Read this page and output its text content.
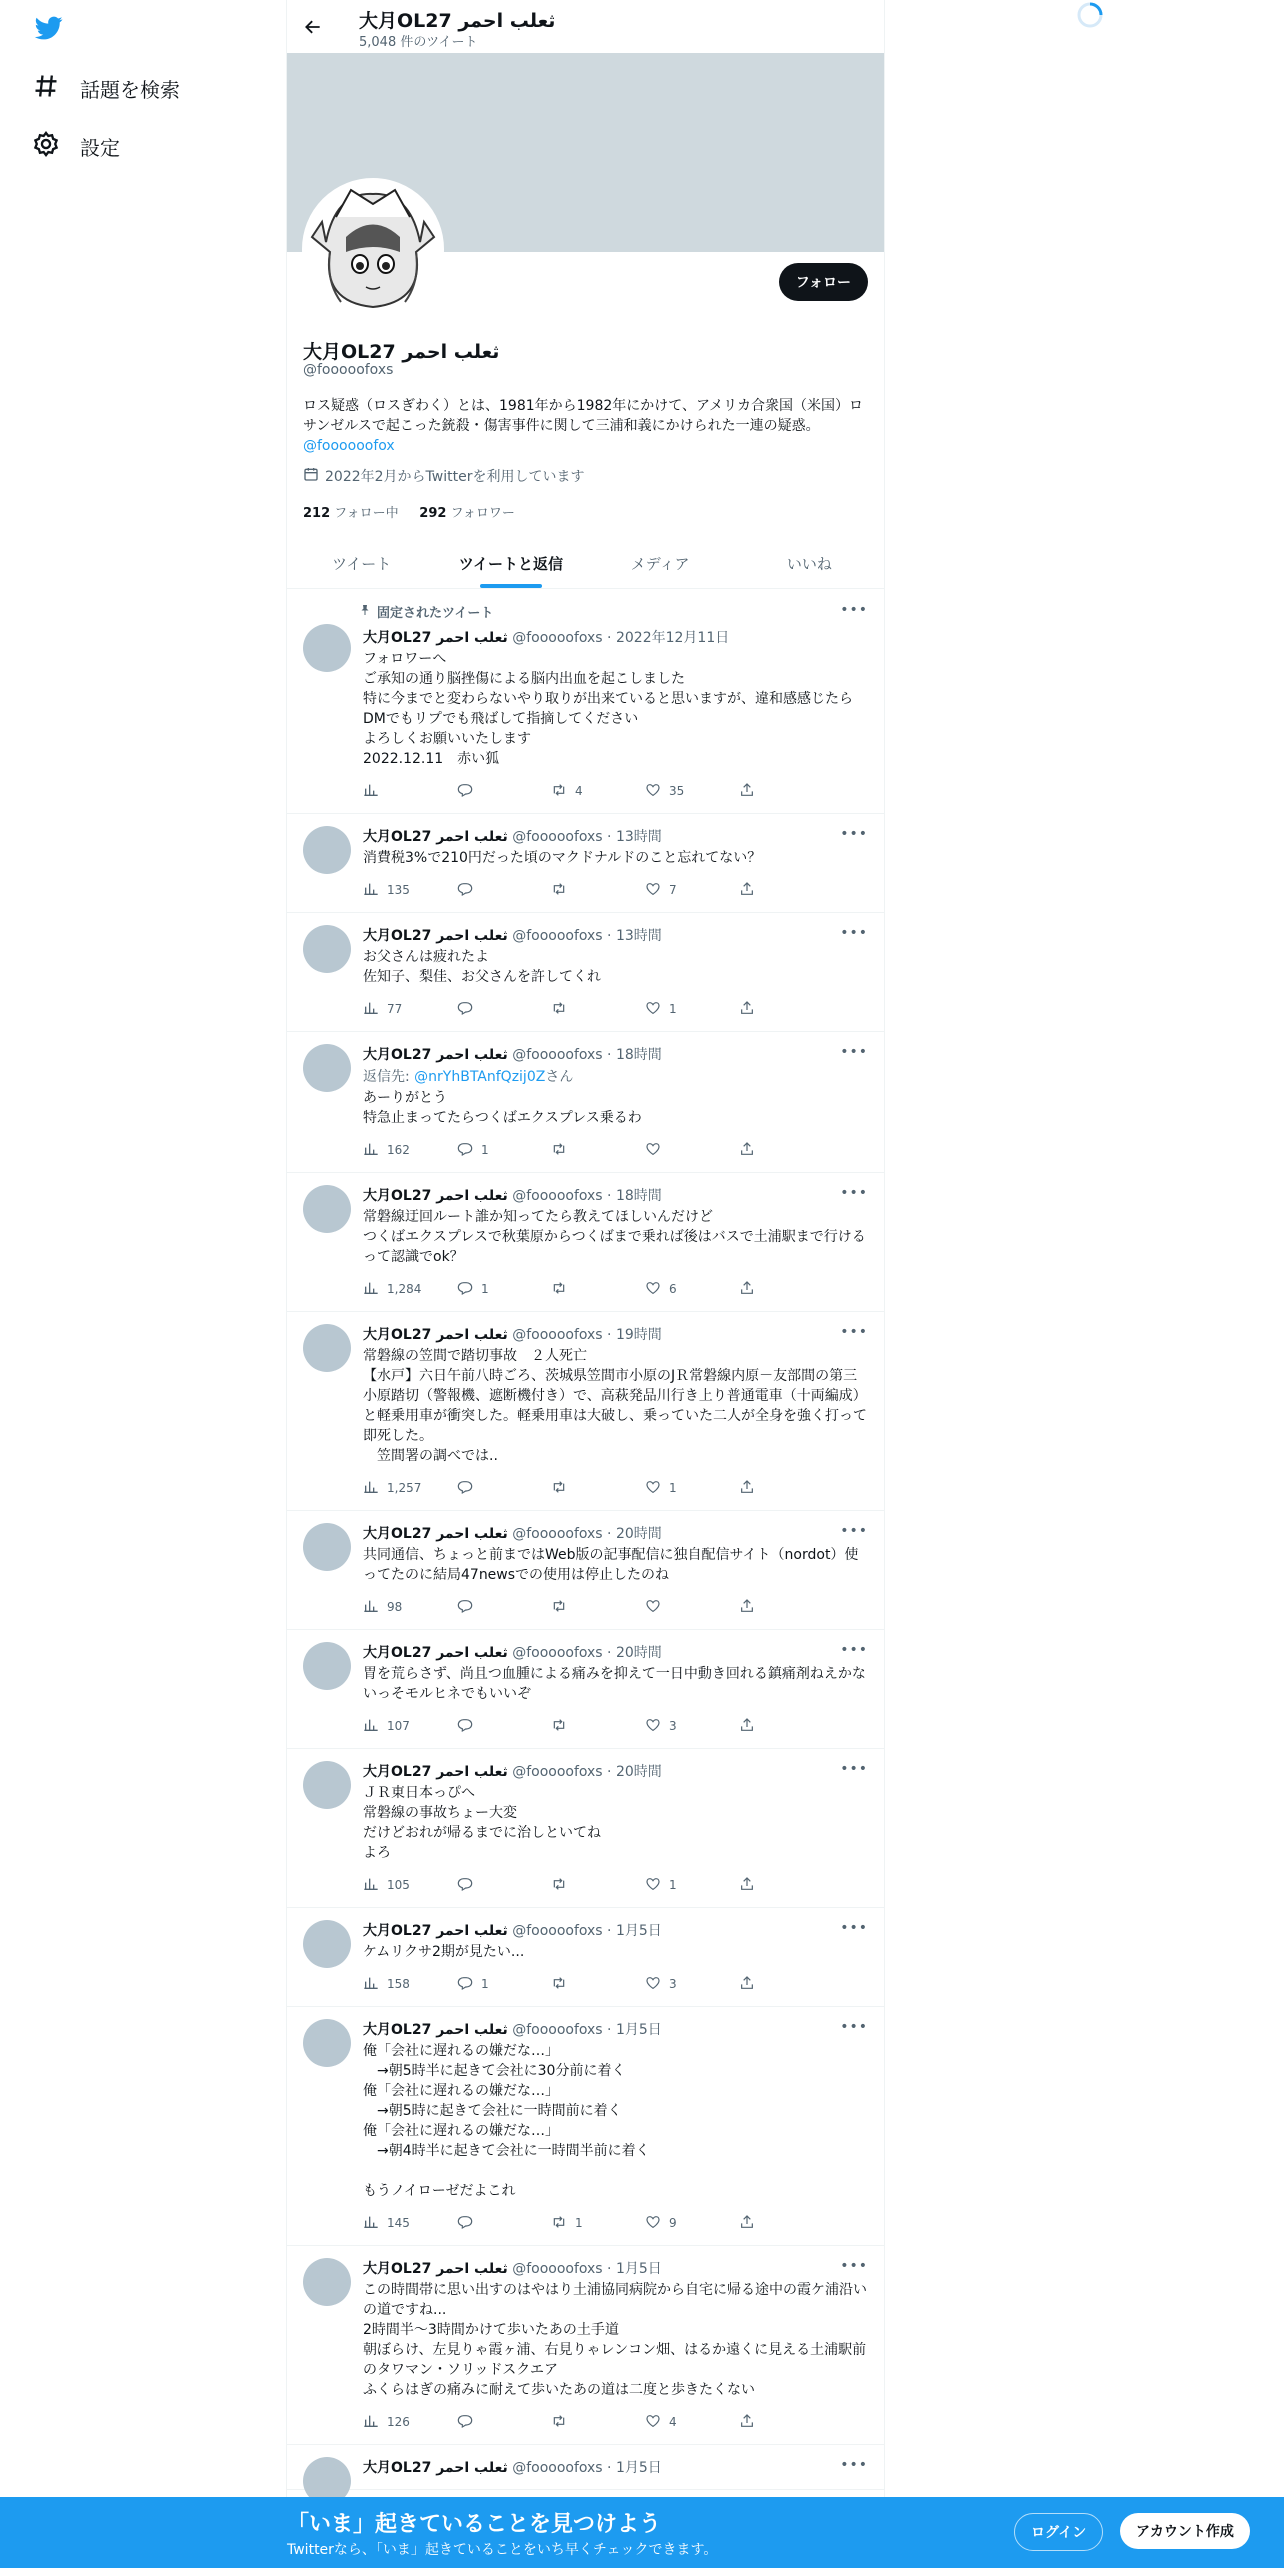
話題を検索
設定
大月OL27 ثعلب احمر
5,048 件のツイート
フォロー
大月OL27 ثعلب احمر
@fooooofoxs
ロス疑惑（ロスぎわく）とは、1981年から1982年にかけて、アメリカ合衆国（米国）ロサンゼルスで起こった銃殺・傷害事件に関して三浦和義にかけられた一連の疑惑。 @foooooofox
2022年2月からTwitterを利用しています
212 フォロー中 292 フォロワー
ツイート	ツイートと返信	メディア	いいね
固定されたツイート	•••
大月OL27 ثعلب احمر @fooooofoxs · 2022年12月11日
フォロワーへ
ご承知の通り脳挫傷による脳内出血を起こしました
特に今までと変わらないやり取りが出来ていると思いますが、違和感感じたらDMでもリプでも飛ばして指摘してください
よろしくお願いいたします
2022.12.11　赤い狐
4	35
•••
大月OL27 ثعلب احمر @fooooofoxs · 13時間
消費税3%で210円だった頃のマクドナルドのこと忘れてない？
135	7
•••
大月OL27 ثعلب احمر @fooooofoxs · 13時間
お父さんは疲れたよ
佐知子、梨佳、お父さんを許してくれ
77	1
•••
大月OL27 ثعلب احمر @fooooofoxs · 18時間
返信先: @nrYhBTAnfQzij0Zさん
あーりがとう
特急止まってたらつくばエクスプレス乗るわ
162	1
•••
大月OL27 ثعلب احمر @fooooofoxs · 18時間
常磐線迂回ルート誰か知ってたら教えてほしいんだけど
つくばエクスプレスで秋葉原からつくばまで乗れば後はバスで土浦駅まで行けるって認識でok？
1,284	1	6
•••
大月OL27 ثعلب احمر @fooooofoxs · 19時間
常磐線の笠間で踏切事故　２人死亡
【水戸】六日午前八時ごろ、茨城県笠間市小原のJＲ常磐線内原－友部間の第三小原踏切（警報機、遮断機付き）で、高萩発品川行き上り普通電車（十両編成）と軽乗用車が衝突した。軽乗用車は大破し、乗っていた二人が全身を強く打って即死した。
　笠間署の調べでは..
1,257	1
•••
大月OL27 ثعلب احمر @fooooofoxs · 20時間
共同通信、ちょっと前まではWeb版の記事配信に独自配信サイト（nordot）使ってたのに結局47newsでの使用は停止したのね
98
•••
大月OL27 ثعلب احمر @fooooofoxs · 20時間
胃を荒らさず、尚且つ血腫による痛みを抑えて一日中動き回れる鎮痛剤ねえかな
いっそモルヒネでもいいぞ
107	3
•••
大月OL27 ثعلب احمر @fooooofoxs · 20時間
ＪＲ東日本っぴへ
常磐線の事故ちょー大変
だけどおれが帰るまでに治しといてね
よろ
105	1
•••
大月OL27 ثعلب احمر @fooooofoxs · 1月5日
ケムリクサ2期が見たい...
158	1	3
•••
大月OL27 ثعلب احمر @fooooofoxs · 1月5日
俺「会社に遅れるの嫌だな…」
　→朝5時半に起きて会社に30分前に着く
俺「会社に遅れるの嫌だな…」
　→朝5時に起きて会社に一時間前に着く
俺「会社に遅れるの嫌だな…」
　→朝4時半に起きて会社に一時間半前に着く

もうノイローゼだよこれ
145	1	9
•••
大月OL27 ثعلب احمر @fooooofoxs · 1月5日
この時間帯に思い出すのはやはり土浦協同病院から自宅に帰る途中の霞ケ浦沿いの道ですね...
2時間半～3時間かけて歩いたあの土手道
朝ぼらけ、左見りゃ霞ヶ浦、右見りゃレンコン畑、はるか遠くに見える土浦駅前のタワマン・ソリッドスクエア
ふくらはぎの痛みに耐えて歩いたあの道は二度と歩きたくない
126	4
•••
大月OL27 ثعلب احمر @fooooofoxs · 1月5日
「いま」起きていることを見つけよう
Twitterなら、「いま」起きていることをいち早くチェックできます。
ログイン	アカウント作成
